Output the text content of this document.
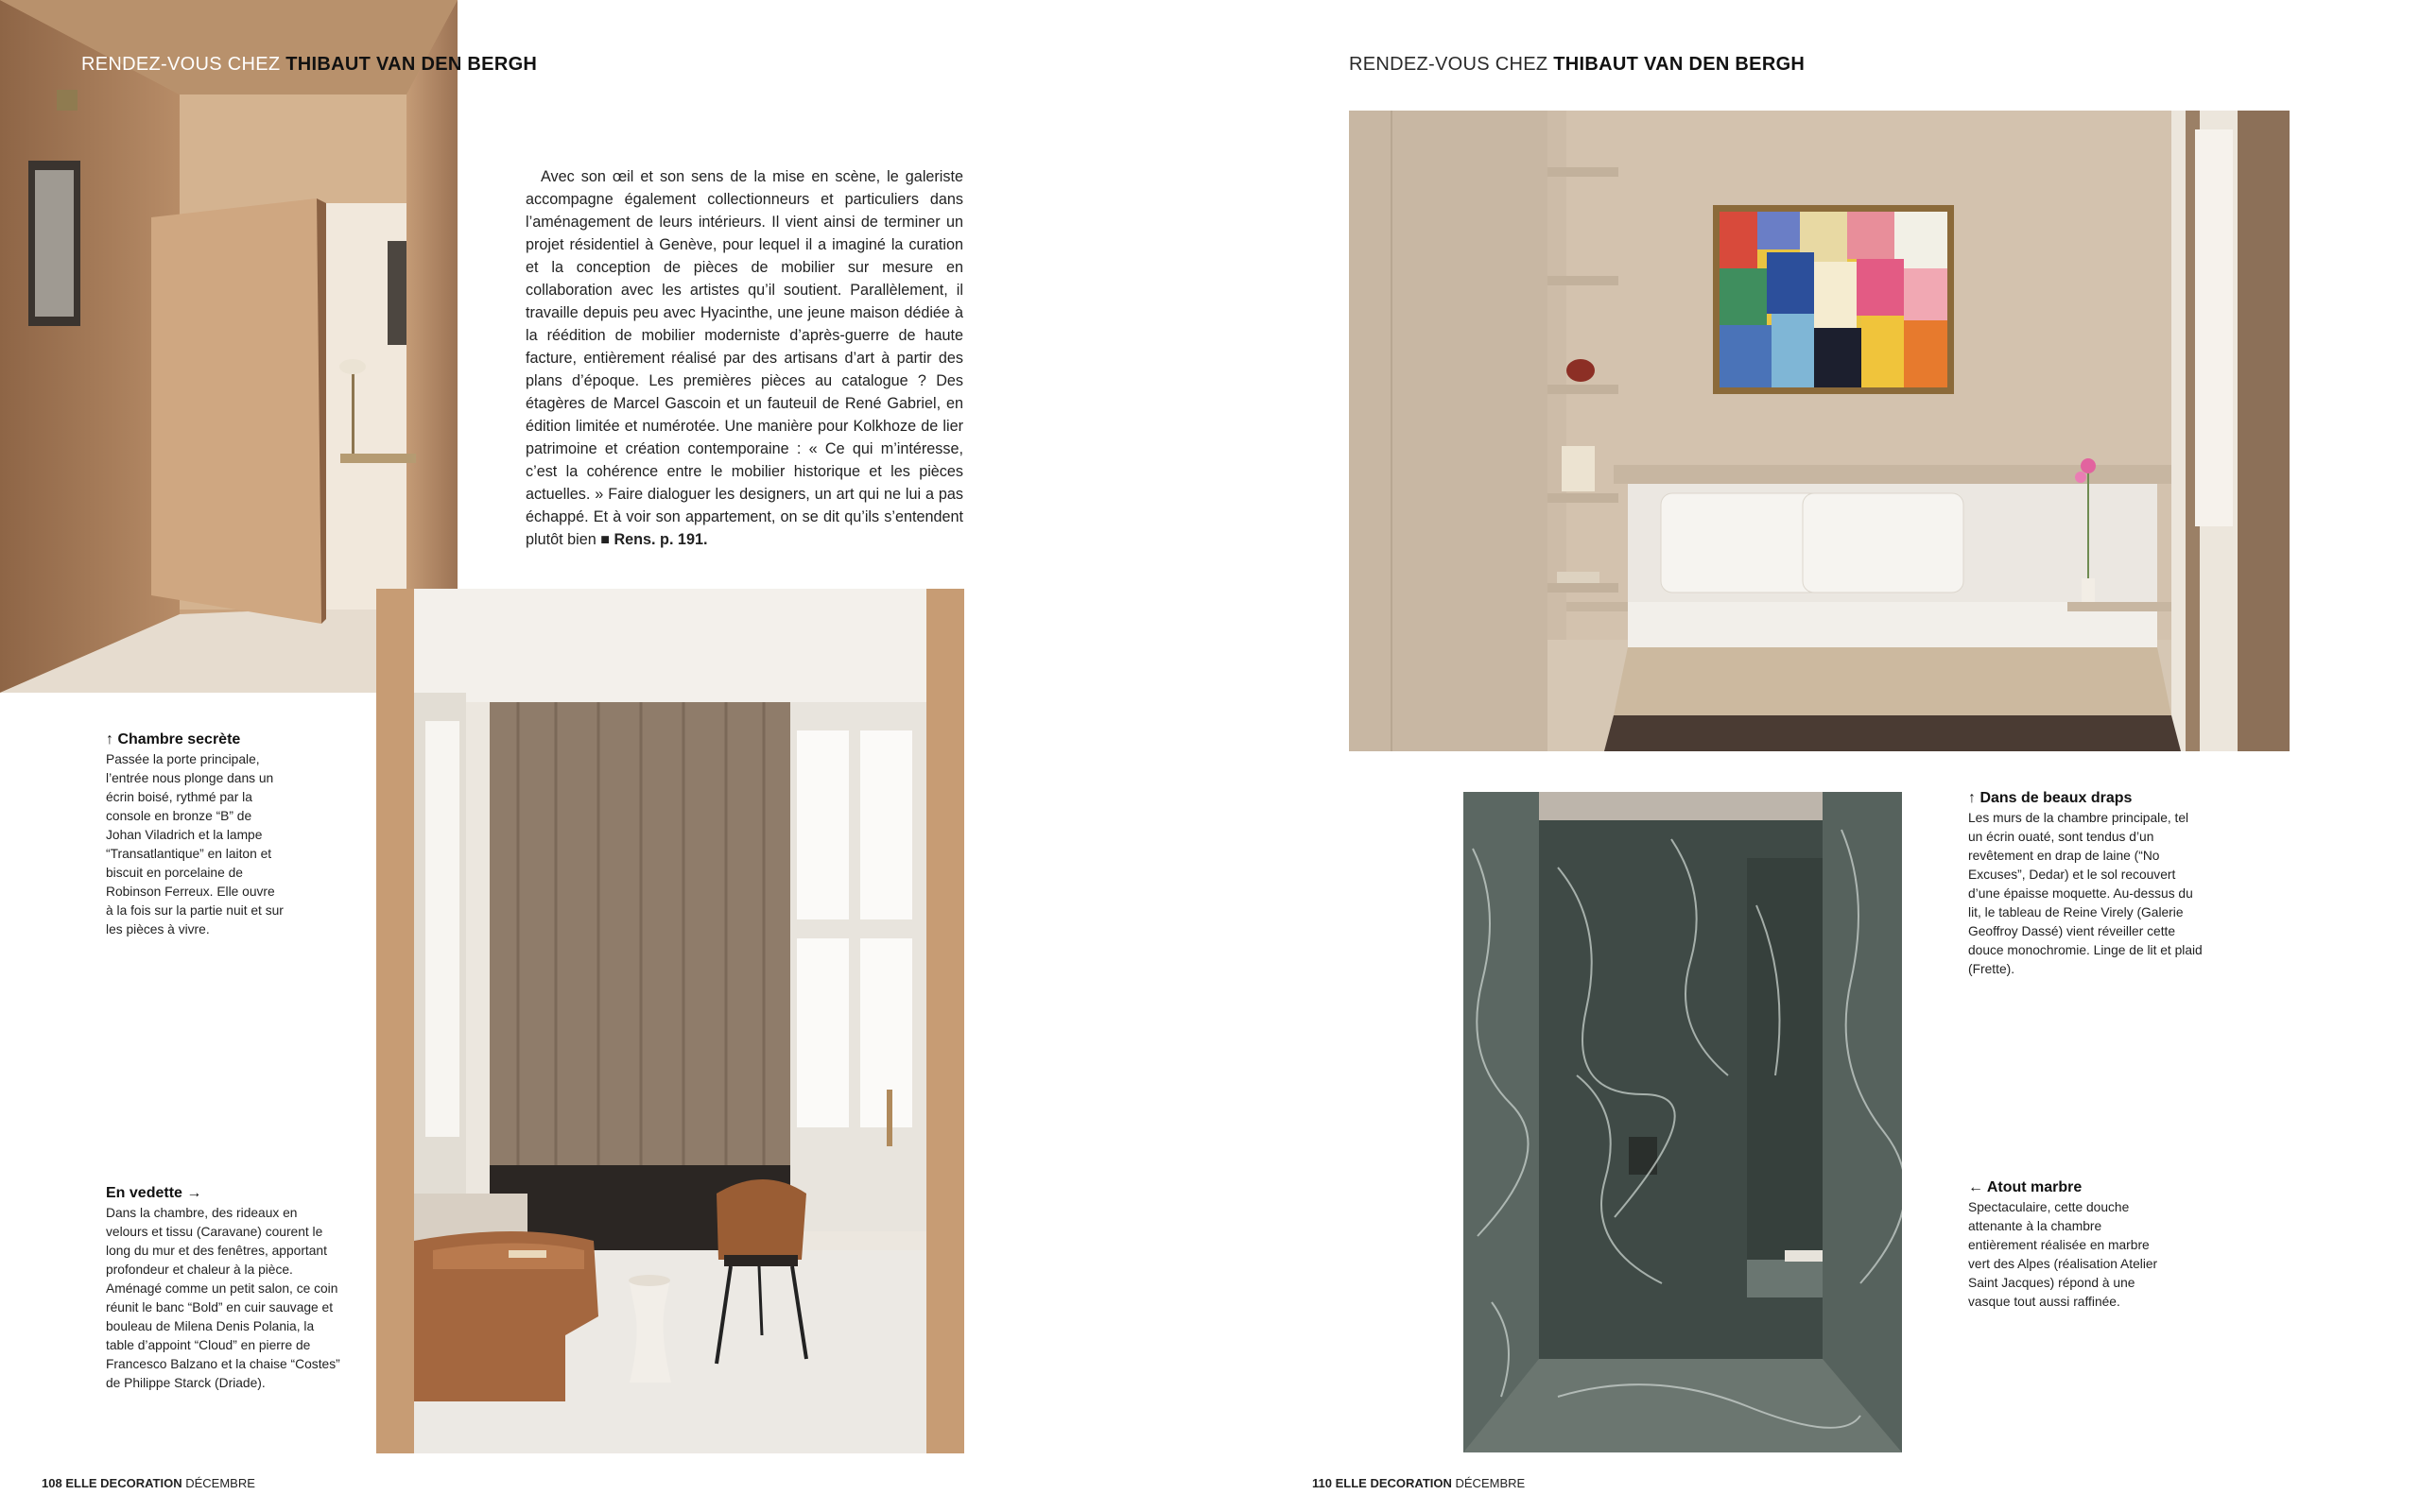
RENDEZ-VOUS CHEZ THIBAUT VAN DEN BERGH

Avec son œil et son sens de la mise en scène, le galeriste accompagne également collectionneurs et particuliers dans l’aménagement de leurs intérieurs. Il vient ainsi de terminer un projet résidentiel à Genève, pour lequel il a imaginé la curation et la conception de pièces de mobilier sur mesure en collaboration avec les artistes qu’il soutient. Parallèlement, il travaille depuis peu avec Hyacinthe, une jeune maison dédiée à la réédition de mobilier moderniste d’après-guerre de haute facture, entièrement réalisé par des artisans d’art à partir des plans d’époque. Les premières pièces au catalogue ? Des étagères de Marcel Gascoin et un fauteuil de René Gabriel, en édition limitée et numérotée. Une manière pour Kolkhoze de lier patrimoine et création contemporaine : « Ce qui m’intéresse, c’est la cohérence entre le mobilier historique et les pièces actuelles. » Faire dialoguer les designers, un art qui ne lui a pas échappé. Et à voir son appartement, on se dit qu’ils s’entendent plutôt bien ■ Rens. p. 191.

↑ Chambre secrète

Passée la porte principale, l’entrée nous plonge dans un écrin boisé, rythmé par la console en bronze “B” de Johan Viladrich et la lampe “Transatlantique” en laiton et biscuit en porcelaine de Robinson Ferreux. Elle ouvre à la fois sur la partie nuit et sur les pièces à vivre.

En vedette →

Dans la chambre, des rideaux en velours et tissu (Caravane) courent le long du mur et des fenêtres, apportant profondeur et chaleur à la pièce. Aménagé comme un petit salon, ce coin réunit le banc “Bold” en cuir sauvage et bouleau de Milena Denis Polania, la table d’appoint “Cloud” en pierre de Francesco Balzano et la chaise “Costes” de Philippe Starck (Driade).

108 ELLE DECORATION DÉCEMBRE
RENDEZ-VOUS CHEZ THIBAUT VAN DEN BERGH

↑ Dans de beaux draps

Les murs de la chambre principale, tel un écrin ouaté, sont tendus d’un revêtement en drap de laine (“No Excuses”, Dedar) et le sol recouvert d’une épaisse moquette. Au-dessus du lit, le tableau de Reine Virely (Galerie Geoffroy Dassé) vient réveiller cette douce monochromie. Linge de lit et plaid (Frette).

← Atout marbre

Spectaculaire, cette douche attenante à la chambre entièrement réalisée en marbre vert des Alpes (réalisation Atelier Saint Jacques) répond à une vasque tout aussi raffinée.

110 ELLE DECORATION DÉCEMBRE
